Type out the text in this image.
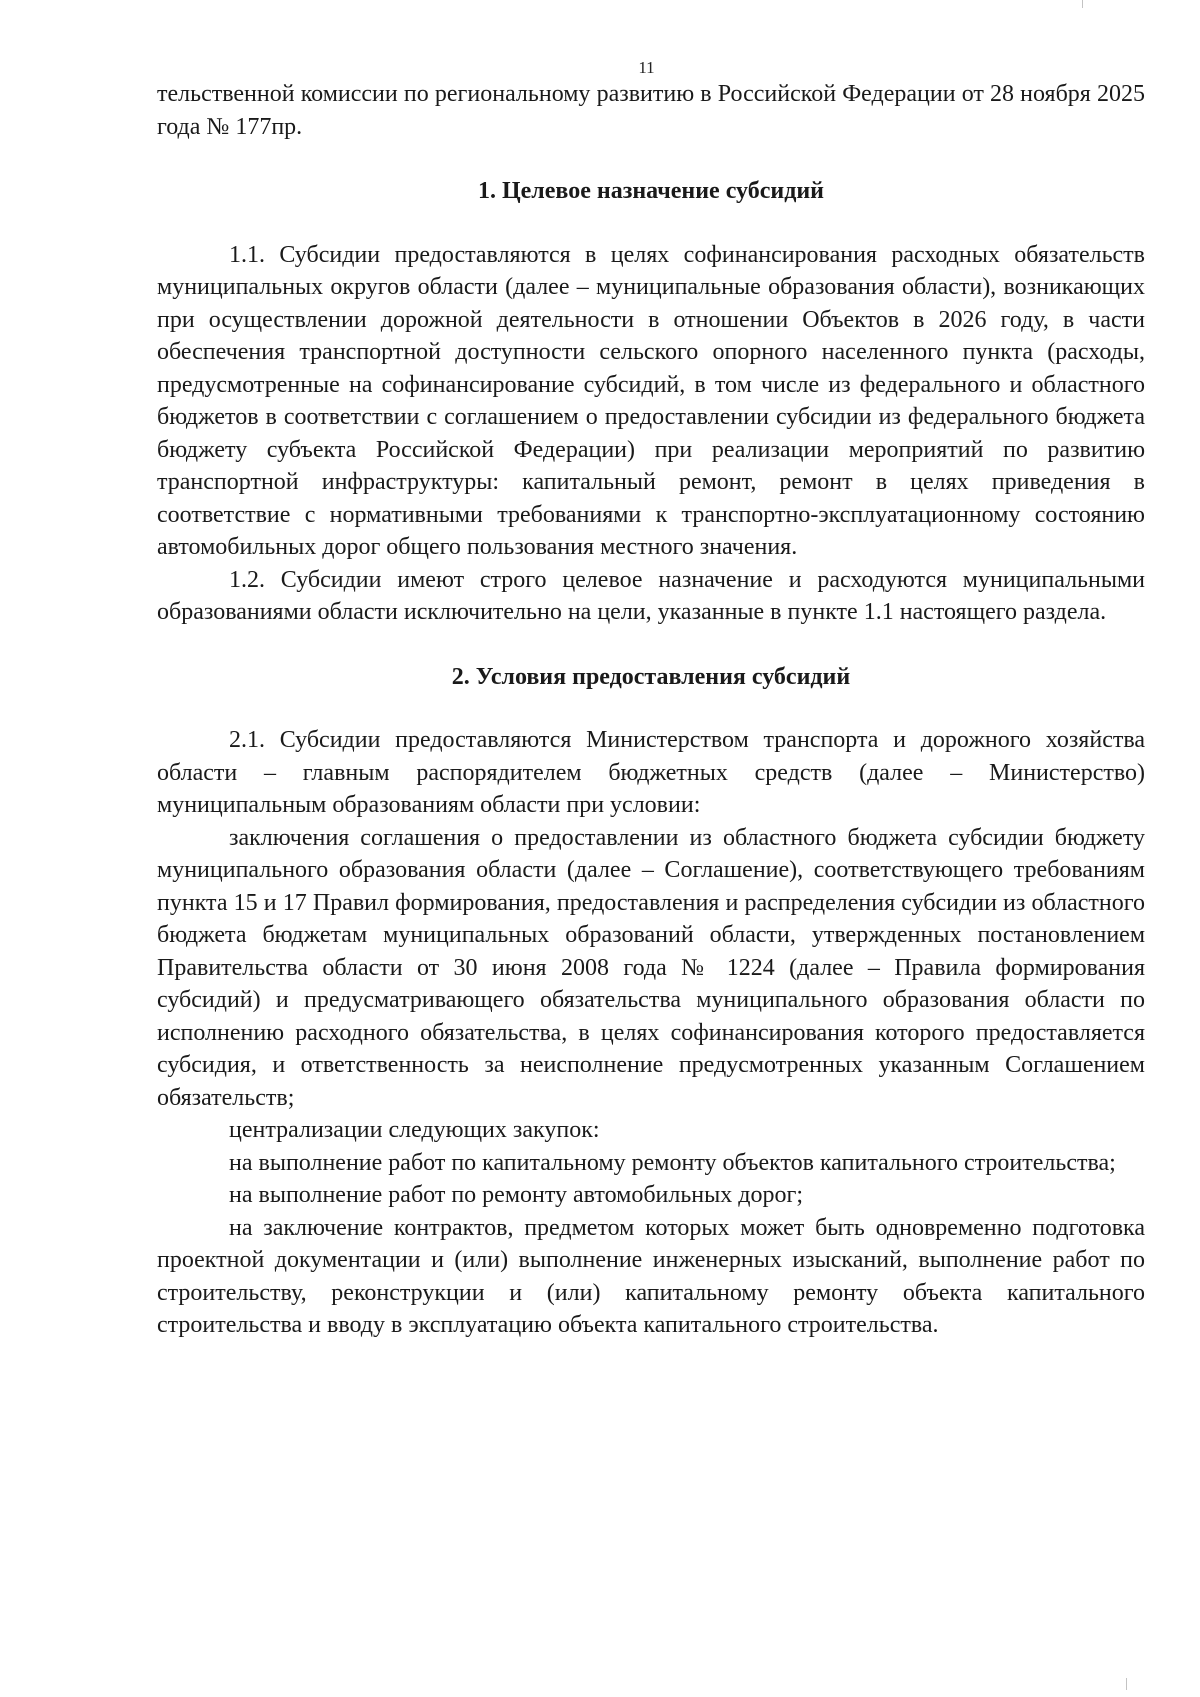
11

тельственной комиссии по региональному развитию в Российской Федерации от 28 ноября 2025 года № 177пр.

1. Целевое назначение субсидий

1.1. Субсидии предоставляются в целях софинансирования расходных обязательств муниципальных округов области (далее – муниципальные образования области), возникающих при осуществлении дорожной деятельности в отношении Объектов в 2026 году, в части обеспечения транспортной доступности сельского опорного населенного пункта (расходы, предусмотренные на софинансирование субсидий, в том числе из федерального и областного бюджетов в соответствии с соглашением о предоставлении субсидии из федерального бюджета бюджету субъекта Российской Федерации) при реализации мероприятий по развитию транспортной инфраструктуры: капитальный ремонт, ремонт в целях приведения в соответствие с нормативными требованиями к транспортно-эксплуатационному состоянию автомобильных дорог общего пользования местного значения.

1.2. Субсидии имеют строго целевое назначение и расходуются муниципальными образованиями области исключительно на цели, указанные в пункте 1.1 настоящего раздела.

2. Условия предоставления субсидий

2.1. Субсидии предоставляются Министерством транспорта и дорожного хозяйства области – главным распорядителем бюджетных средств (далее – Министерство) муниципальным образованиям области при условии:

заключения соглашения о предоставлении из областного бюджета субсидии бюджету муниципального образования области (далее – Соглашение), соответствующего требованиям пункта 15 и 17 Правил формирования, предоставления и распределения субсидии из областного бюджета бюджетам муниципальных образований области, утвержденных постановлением Правительства области от 30 июня 2008 года № 1224 (далее – Правила формирования субсидий) и предусматривающего обязательства муниципального образования области по исполнению расходного обязательства, в целях софинансирования которого предоставляется субсидия, и ответственность за неисполнение предусмотренных указанным Соглашением обязательств;

централизации следующих закупок:

на выполнение работ по капитальному ремонту объектов капитального строительства;

на выполнение работ по ремонту автомобильных дорог;

на заключение контрактов, предметом которых может быть одновременно подготовка проектной документации и (или) выполнение инженерных изысканий, выполнение работ по строительству, реконструкции и (или) капитальному ремонту объекта капитального строительства и вводу в эксплуатацию объекта капитального строительства.
